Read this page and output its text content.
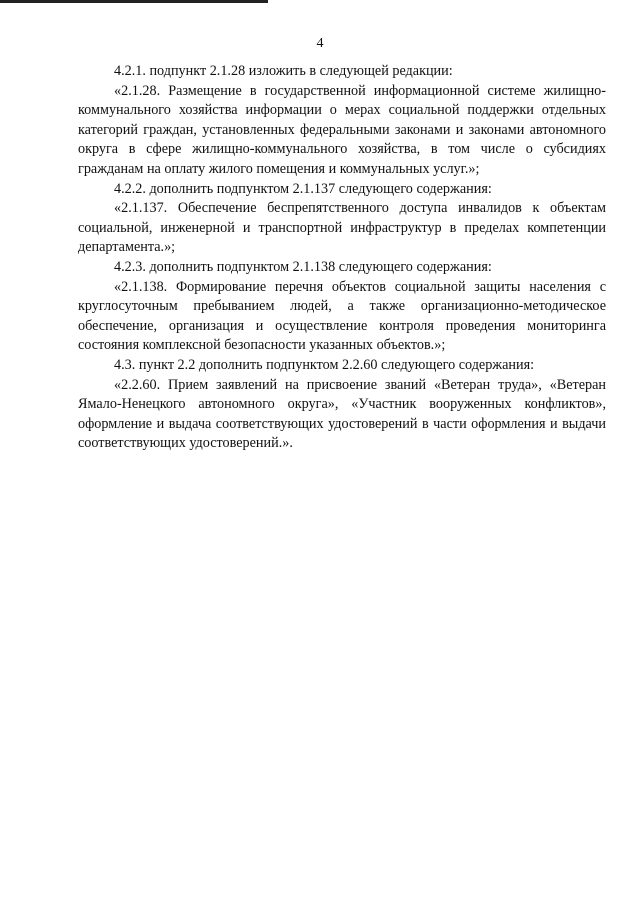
4

4.2.1. подпункт 2.1.28 изложить в следующей редакции:

«2.1.28. Размещение в государственной информационной системе жилищно-коммунального хозяйства информации о мерах социальной поддержки отдельных категорий граждан, установленных федеральными законами и законами автономного округа в сфере жилищно-коммунального хозяйства, в том числе о субсидиях гражданам на оплату жилого помещения и коммунальных услуг.»;

4.2.2. дополнить подпунктом 2.1.137 следующего содержания:

«2.1.137. Обеспечение беспрепятственного доступа инвалидов к объектам социальной, инженерной и транспортной инфраструктур в пределах компетенции департамента.»;

4.2.3. дополнить подпунктом 2.1.138 следующего содержания:

«2.1.138. Формирование перечня объектов социальной защиты населения с круглосуточным пребыванием людей, а также организационно-методическое обеспечение, организация и осуществление контроля проведения мониторинга состояния комплексной безопасности указанных объектов.»;

4.3. пункт 2.2 дополнить подпунктом 2.2.60 следующего содержания:

«2.2.60. Прием заявлений на присвоение званий «Ветеран труда», «Ветеран Ямало-Ненецкого автономного округа», «Участник вооруженных конфликтов», оформление и выдача соответствующих удостоверений в части оформления и выдачи соответствующих удостоверений.».
